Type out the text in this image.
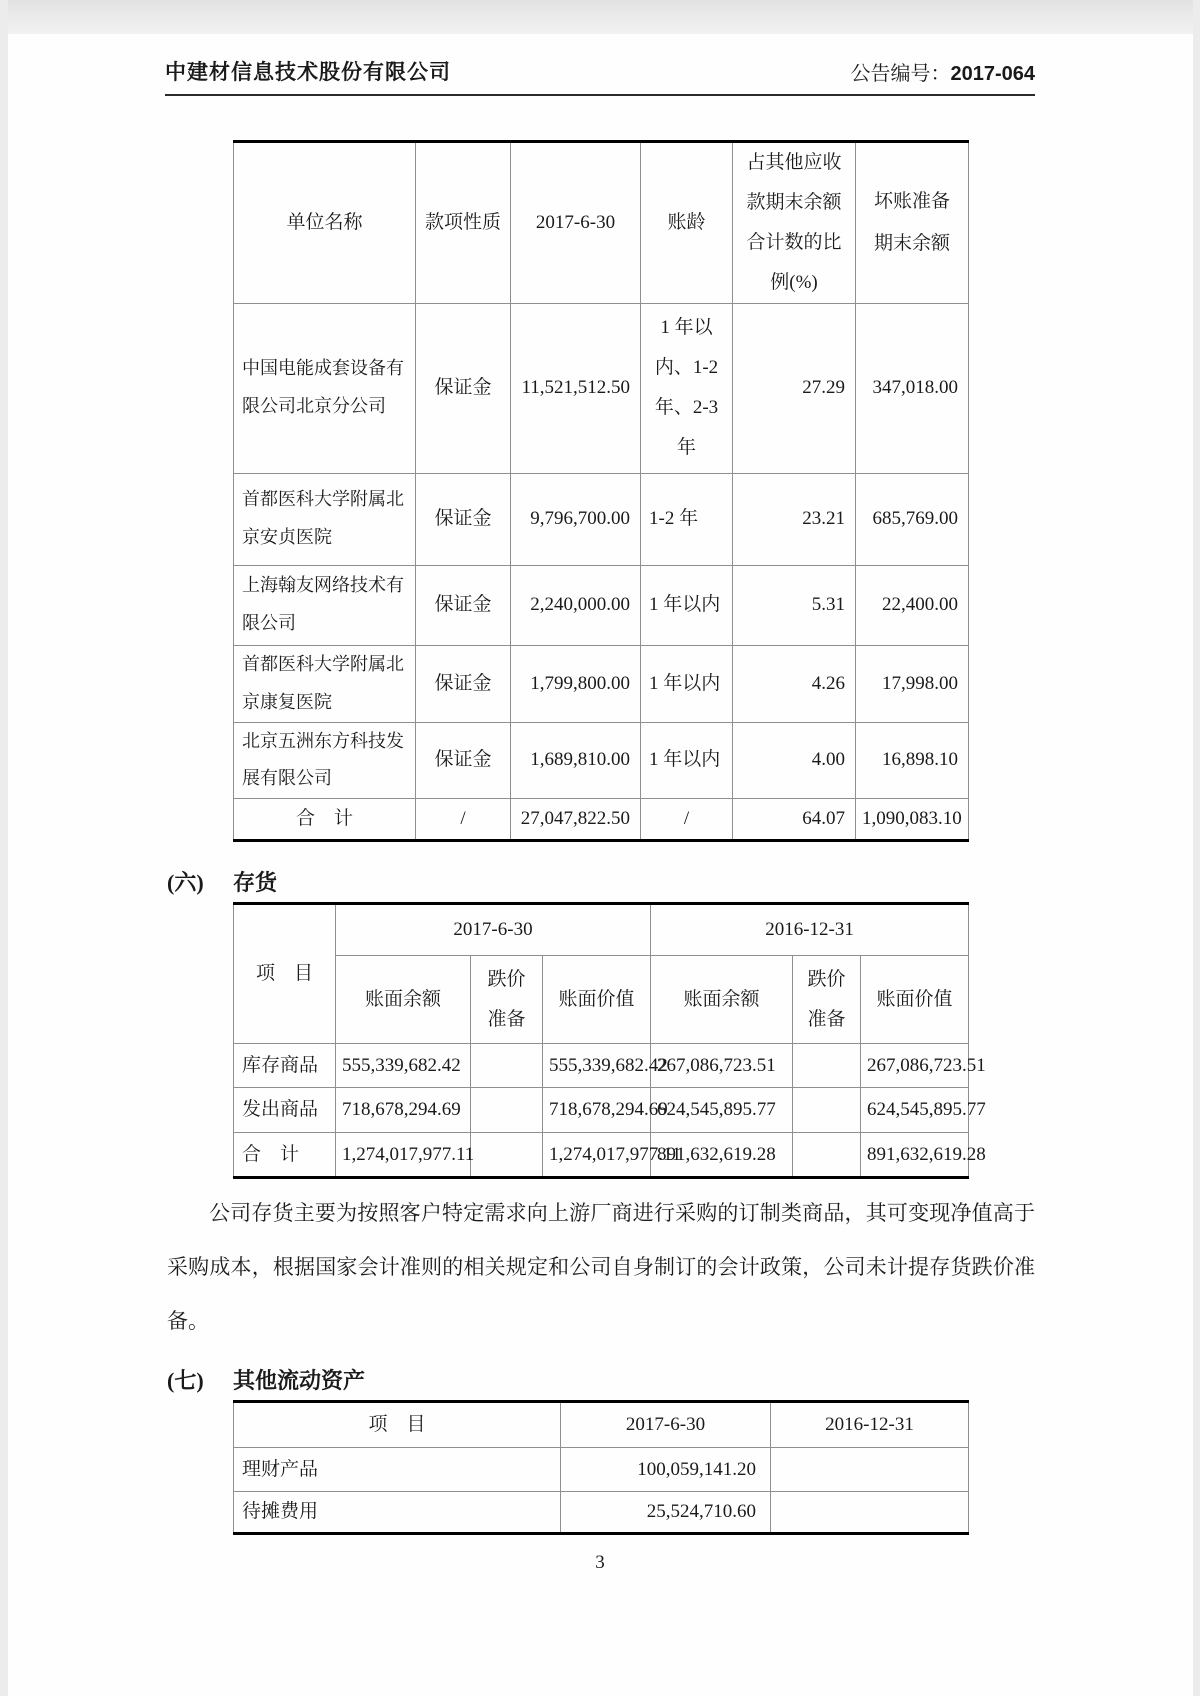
中建材信息技术股份有限公司	公告编号：2017-064
单位名称	款项性质	2017-6-30	账龄	占其他应收款期末余额合计数的比例(%)	坏账准备期末余额
中国电能成套设备有限公司北京分公司	保证金	11,521,512.50	1 年以内、1-2 年、2-3 年	27.29	347,018.00
首都医科大学附属北京安贞医院	保证金	9,796,700.00	1-2 年	23.21	685,769.00
上海翰友网络技术有限公司	保证金	2,240,000.00	1 年以内	5.31	22,400.00
首都医科大学附属北京康复医院	保证金	1,799,800.00	1 年以内	4.26	17,998.00
北京五洲东方科技发展有限公司	保证金	1,689,810.00	1 年以内	4.00	16,898.10
合　计	/	27,047,822.50	/	64.07	1,090,083.10
(六) 存货
项　目	2017-6-30			2016-12-31		
	账面余额	跌价准备	账面价值	账面余额	跌价准备	账面价值
库存商品	555,339,682.42		555,339,682.42	267,086,723.51		267,086,723.51
发出商品	718,678,294.69		718,678,294.69	624,545,895.77		624,545,895.77
合　计	1,274,017,977.11		1,274,017,977.11	891,632,619.28		891,632,619.28
公司存货主要为按照客户特定需求向上游厂商进行采购的订制类商品，其可变现净值高于采购成本，根据国家会计准则的相关规定和公司自身制订的会计政策，公司未计提存货跌价准备。
(七) 其他流动资产
项　目	2017-6-30	2016-12-31
理财产品	100,059,141.20	
待摊费用	25,524,710.60	
3
